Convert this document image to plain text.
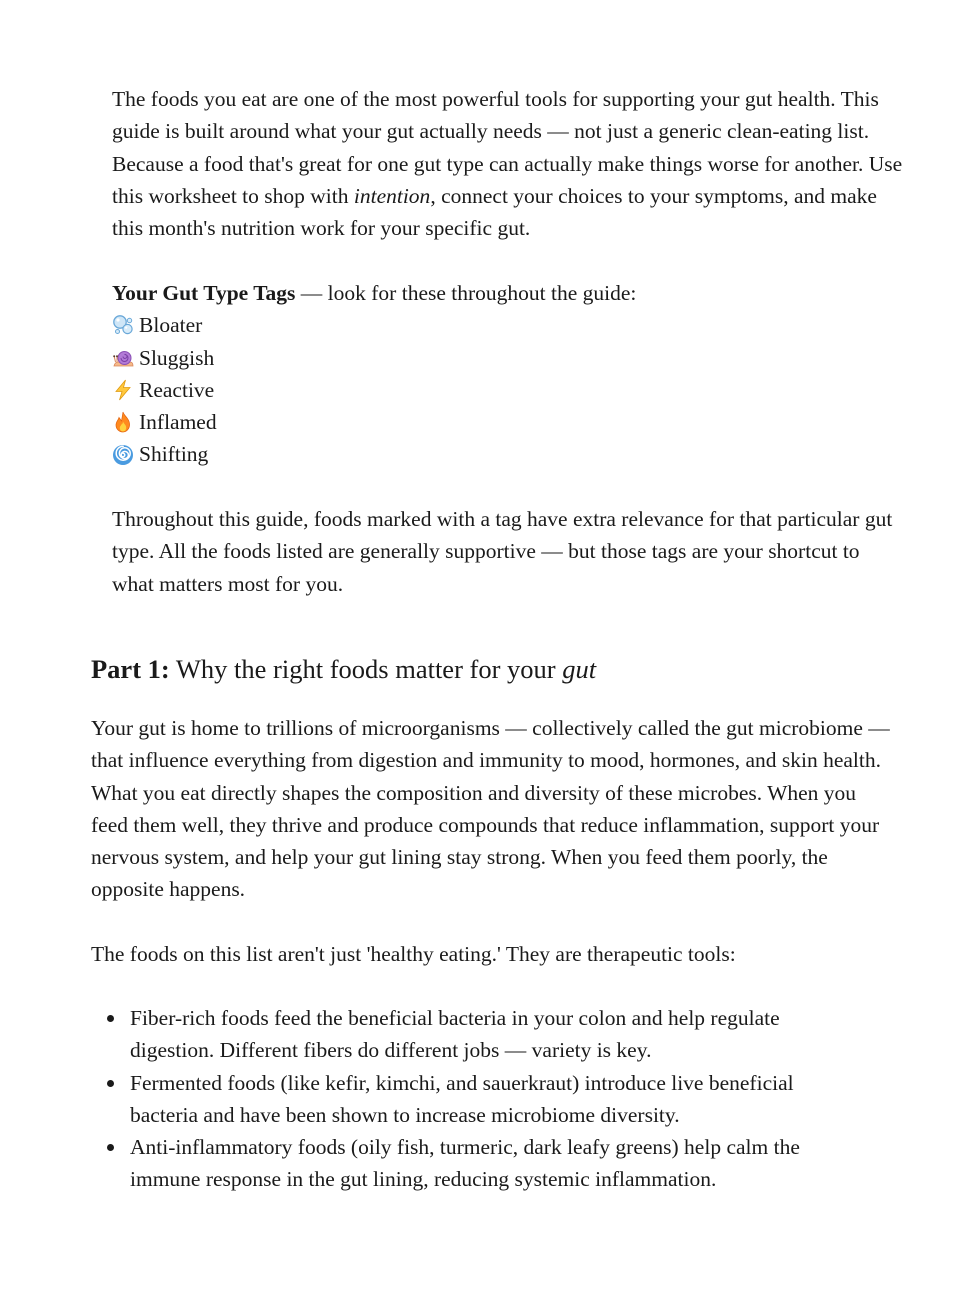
The foods you eat are one of the most powerful tools for supporting your gut health. This guide is built around what your gut actually needs — not just a generic clean-eating list. Because a food that's great for one gut type can actually make things worse for another. Use this worksheet to shop with intention, connect your choices to your symptoms, and make this month's nutrition work for your specific gut.

Your Gut Type Tags — look for these throughout the guide:

Bloater
Sluggish
Reactive
Inflamed
Shifting

Throughout this guide, foods marked with a tag have extra relevance for that particular gut type. All the foods listed are generally supportive — but those tags are your shortcut to what matters most for you.

Part 1: Why the right foods matter for your gut

Your gut is home to trillions of microorganisms — collectively called the gut microbiome — that influence everything from digestion and immunity to mood, hormones, and skin health. What you eat directly shapes the composition and diversity of these microbes. When you feed them well, they thrive and produce compounds that reduce inflammation, support your nervous system, and help your gut lining stay strong. When you feed them poorly, the opposite happens.

The foods on this list aren't just 'healthy eating.' They are therapeutic tools:

Fiber-rich foods feed the beneficial bacteria in your colon and help regulate digestion. Different fibers do different jobs — variety is key.
Fermented foods (like kefir, kimchi, and sauerkraut) introduce live beneficial bacteria and have been shown to increase microbiome diversity.
Anti-inflammatory foods (oily fish, turmeric, dark leafy greens) help calm the immune response in the gut lining, reducing systemic inflammation.
